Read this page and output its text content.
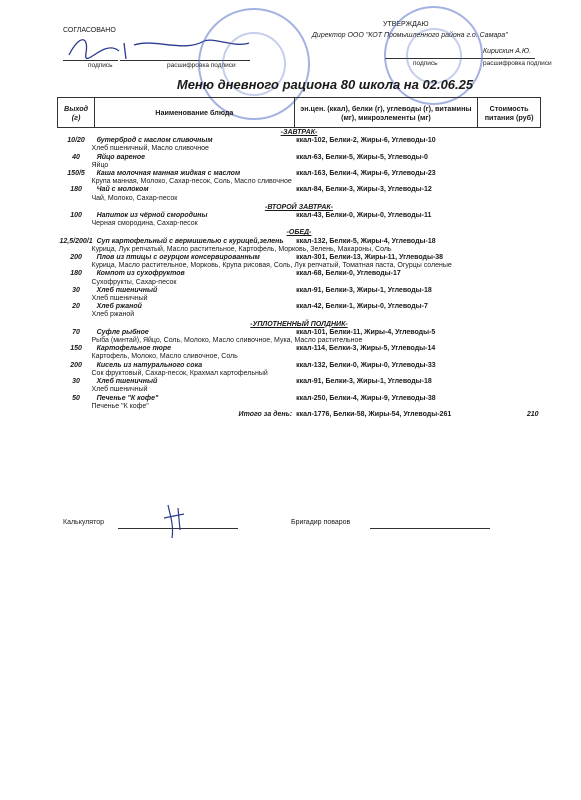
СОГЛАСОВАНО
УТВЕРЖДАЮ
Директор ООО "КОТ Промышленного района г.о. Самара"
подпись	расшифровка подписи
Кирискин А.Ю.
подпись	расшифровка подписи
Меню дневного рациона 80 школа на 02.06.25
Выход (г)	Наименование блюда	эн.цен. (ккал), белки (г), углеводы (г), витамины (мг), микроэлементы (мг)	Стоимость питания (руб)
-ЗАВТРАК-			
10/20	бутерброд с маслом сливочным	ккал-102, Белки-2, Жиры-6, Углеводы-10	
Хлеб пшеничный, Масло сливочное			
40	Яйцо вареное	ккал-63, Белки-5, Жиры-5, Углеводы-0	
Яйцо			
150/5	Каша молочная манная жидкая с маслом	ккал-163, Белки-4, Жиры-6, Углеводы-23	
Крупа манная, Молоко, Сахар-песок, Соль, Масло сливочное			
180	Чай с молоком	ккал-84, Белки-3, Жиры-3, Углеводы-12	
Чай, Молоко, Сахар-песок			
-ВТОРОЙ ЗАВТРАК-			
100	Напиток из чёрной смородины	ккал-43, Белки-0, Жиры-0, Углеводы-11	
Черная смородина, Сахар-песок			
-ОБЕД-			
12,5/200/1	Суп картофельный с вермишелью с курицей,зелень	ккал-132, Белки-5, Жиры-4, Углеводы-18	
Курица, Лук репчатый, Масло растительное, Картофель, Морковь, Зелень, Макароны, Соль			
200	Плов из птицы с огурцом консервированным	ккал-301, Белки-13, Жиры-11, Углеводы-38	
Курица, Масло растительное, Морковь, Крупа рисовая, Соль, Лук репчатый, Томатная паста, Огурцы соленые			
180	Компот из сухофруктов	ккал-68, Белки-0, Углеводы-17	
Сухофрукты, Сахар-песок			
30	Хлеб пшеничный	ккал-91, Белки-3, Жиры-1, Углеводы-18	
Хлеб пшеничный			
20	Хлеб ржаной	ккал-42, Белки-1, Жиры-0, Углеводы-7	
Хлеб ржаной			
-УПЛОТНЕННЫЙ ПОЛДНИК-			
70	Суфле рыбное	ккал-101, Белки-11, Жиры-4, Углеводы-5	
Рыба (минтай), Яйцо, Соль, Молоко, Масло сливочное, Мука, Масло растительное			
150	Картофельное пюре	ккал-114, Белки-3, Жиры-5, Углеводы-14	
Картофель, Молоко, Масло сливочное, Соль			
200	Кисель из натурального сока	ккал-132, Белки-0, Жиры-0, Углеводы-33	
Сок фруктовый, Сахар-песок, Крахмал картофельный			
30	Хлеб пшеничный	ккал-91, Белки-3, Жиры-1, Углеводы-18	
Хлеб пшеничный			
50	Печенье "К кофе"	ккал-250, Белки-4, Жиры-9, Углеводы-38	
Печенье "К кофе"			
	Итого за день:	ккал-1776, Белки-58, Жиры-54, Углеводы-261	210
Калькулятор	Бригадир поваров
